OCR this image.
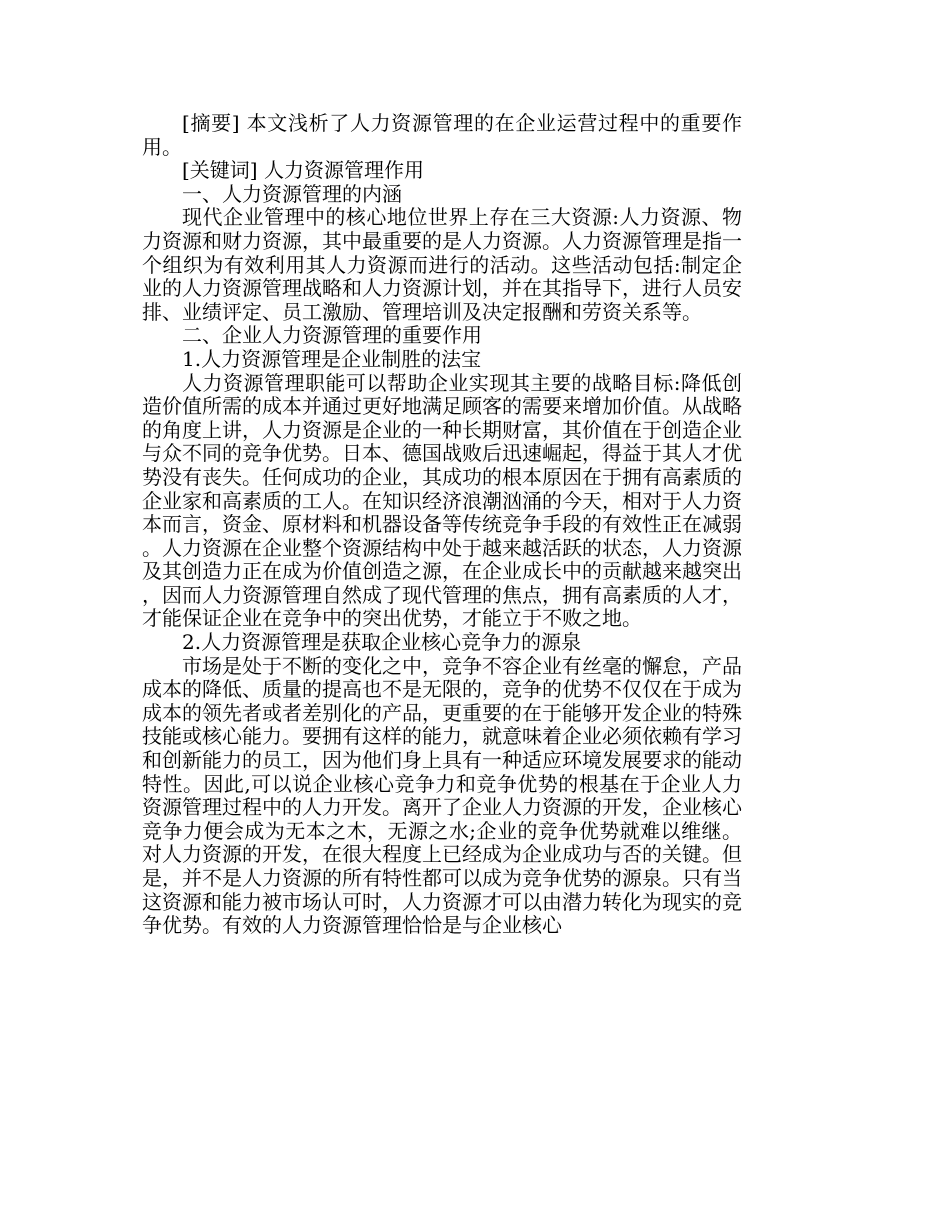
[摘要] 本文浅析了人力资源管理的在企业运营过程中的重要作用。

[关键词] 人力资源管理作用

一、人力资源管理的内涵

现代企业管理中的核心地位世界上存在三大资源:人力资源、物力资源和财力资源，其中最重要的是人力资源。人力资源管理是指一个组织为有效利用其人力资源而进行的活动。这些活动包括:制定企业的人力资源管理战略和人力资源计划，并在其指导下，进行人员安排、业绩评定、员工激励、管理培训及决定报酬和劳资关系等。

二、企业人力资源管理的重要作用

1.人力资源管理是企业制胜的法宝

人力资源管理职能可以帮助企业实现其主要的战略目标:降低创造价值所需的成本并通过更好地满足顾客的需要来增加价值。从战略的角度上讲，人力资源是企业的一种长期财富，其价值在于创造企业与众不同的竞争优势。日本、德国战败后迅速崛起，得益于其人才优势没有丧失。任何成功的企业，其成功的根本原因在于拥有高素质的企业家和高素质的工人。在知识经济浪潮汹涌的今天，相对于人力资本而言，资金、原材料和机器设备等传统竞争手段的有效性正在减弱。人力资源在企业整个资源结构中处于越来越活跃的状态，人力资源及其创造力正在成为价值创造之源，在企业成长中的贡献越来越突出，因而人力资源管理自然成了现代管理的焦点，拥有高素质的人才，才能保证企业在竞争中的突出优势，才能立于不败之地。

2.人力资源管理是获取企业核心竞争力的源泉

市场是处于不断的变化之中，竞争不容企业有丝毫的懈怠，产品成本的降低、质量的提高也不是无限的，竞争的优势不仅仅在于成为成本的领先者或者差别化的产品，更重要的在于能够开发企业的特殊技能或核心能力。要拥有这样的能力，就意味着企业必须依赖有学习和创新能力的员工，因为他们身上具有一种适应环境发展要求的能动特性。因此,可以说企业核心竞争力和竞争优势的根基在于企业人力资源管理过程中的人力开发。离开了企业人力资源的开发，企业核心竞争力便会成为无本之木，无源之水;企业的竞争优势就难以维继。对人力资源的开发，在很大程度上已经成为企业成功与否的关键。但是，并不是人力资源的所有特性都可以成为竞争优势的源泉。只有当这资源和能力被市场认可时，人力资源才可以由潜力转化为现实的竞争优势。有效的人力资源管理恰恰是与企业核心
